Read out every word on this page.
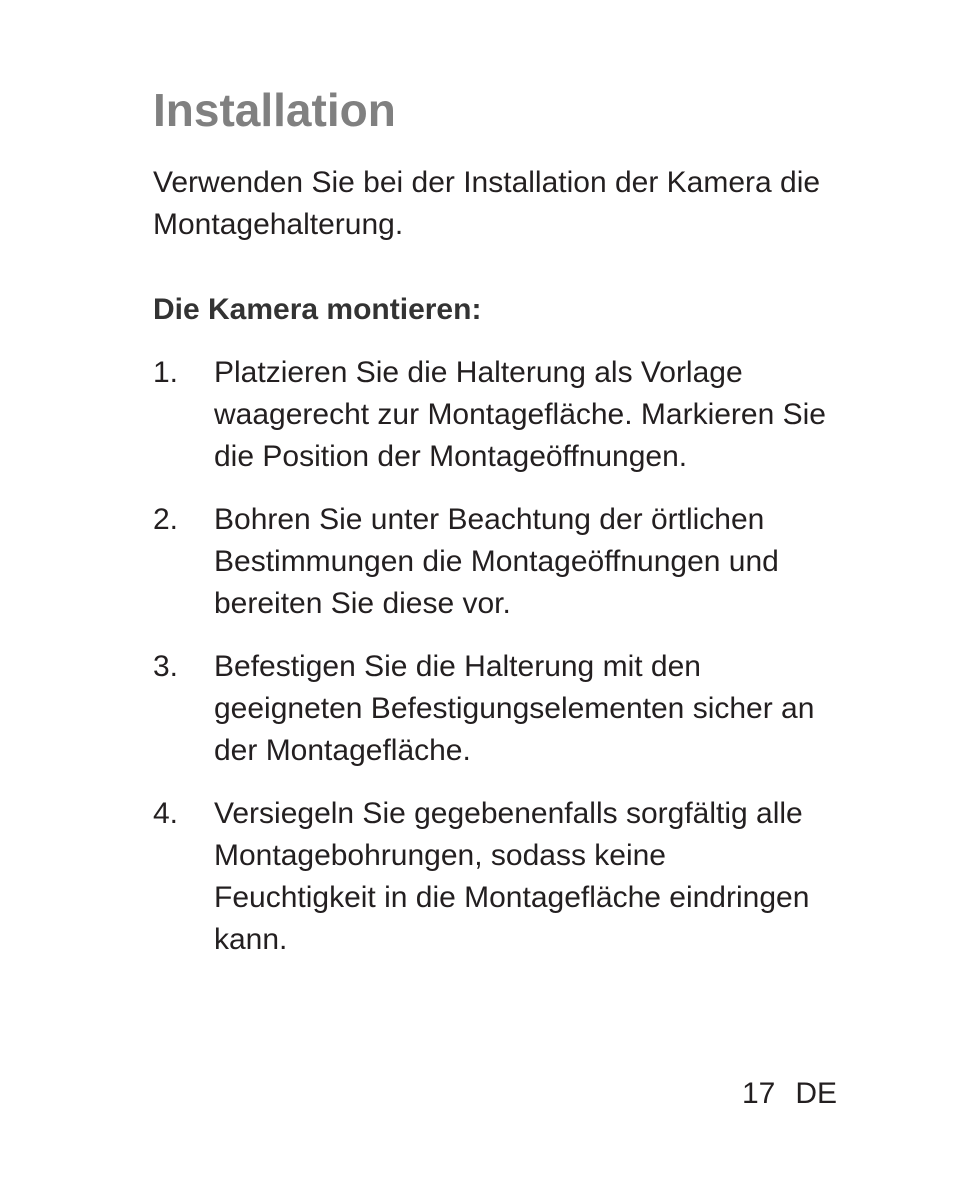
Installation

Verwenden Sie bei der Installation der Kamera die Montagehalterung.

Die Kamera montieren:
1. Platzieren Sie die Halterung als Vorlage waagerecht zur Montagefläche. Markieren Sie die Position der Montageöffnungen.
2. Bohren Sie unter Beachtung der örtlichen Bestimmungen die Montageöffnungen und bereiten Sie diese vor.
3. Befestigen Sie die Halterung mit den geeigneten Befestigungselementen sicher an der Montagefläche.
4. Versiegeln Sie gegebenenfalls sorgfältig alle Montagebohrungen, sodass keine Feuchtigkeit in die Montagefläche eindringen kann.
17 DE
